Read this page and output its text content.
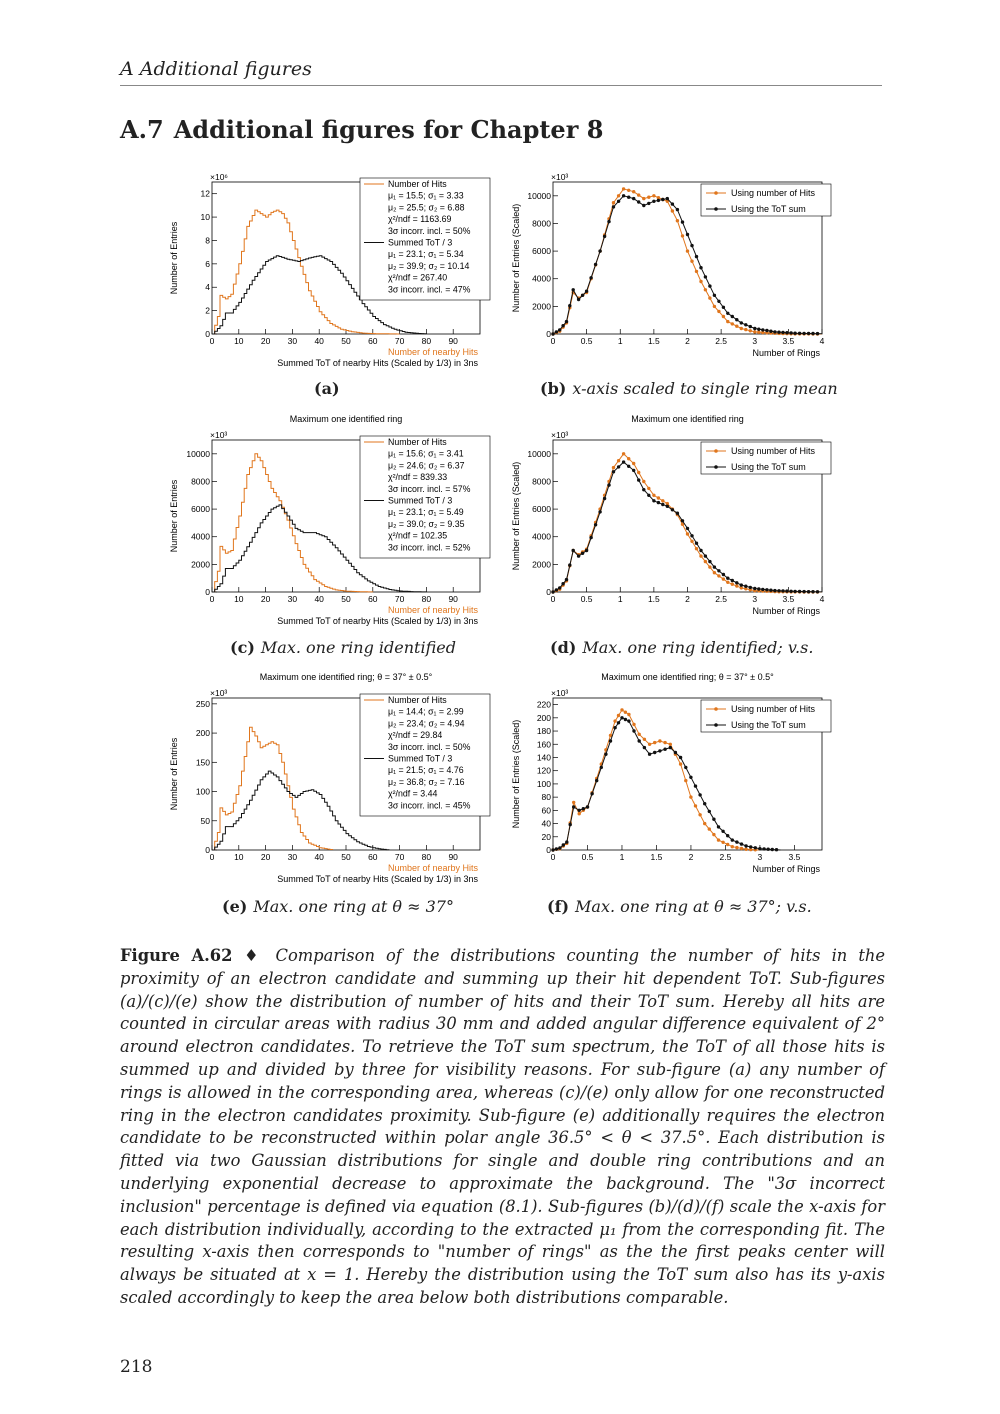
A Additional figures
A.7 Additional figures for Chapter 8
×10⁶
0
2
4
6
8
10
12
0 10 20 30 40 50 60 70 80 90
Number of Entries
Number of nearby Hits
Summed ToT of nearby Hits (Scaled by 1/3) in 3ns
Number of Hits
μ₁ = 15.5; σ₁ = 3.33
μ₂ = 25.5; σ₂ = 6.88
χ²/ndf = 1163.69
3σ incorr. incl. = 50%
Summed ToT / 3
μ₁ = 23.1; σ₁ = 5.34
μ₂ = 39.9; σ₂ = 10.14
χ²/ndf = 267.40
3σ incorr. incl. = 47%
×10³
0
2000
4000
6000
8000
10000
0	0.5	1	1.5	2	2.5	3	3.5	4
Number of Entries (Scaled)
Number of Rings
Using number of Hits
Using the ToT sum
Maximum one identified ring
×10³
0
2000
4000
6000
8000
10000
0 10 20 30 40 50 60 70 80 90
Number of Entries
Number of nearby Hits
Summed ToT of nearby Hits (Scaled by 1/3) in 3ns
Number of Hits
μ₁ = 15.6; σ₁ = 3.41
μ₂ = 24.6; σ₂ = 6.37
χ²/ndf = 839.33
3σ incorr. incl. = 57%
Summed ToT / 3
μ₁ = 23.1; σ₁ = 5.49
μ₂ = 39.0; σ₂ = 9.35
χ²/ndf = 102.35
3σ incorr. incl. = 52%
Maximum one identified ring
×10³
0
2000
4000
6000
8000
10000
0	0.5	1	1.5	2	2.5	3	3.5	4
Number of Entries (Scaled)
Number of Rings
Using number of Hits
Using the ToT sum
Maximum one identified ring; θ = 37° ± 0.5°
×10³
0
50
100
150
200
250
0 10 20 30 40 50 60 70 80 90
Number of Entries
Number of nearby Hits
Summed ToT of nearby Hits (Scaled by 1/3) in 3ns
Number of Hits
μ₁ = 14.4; σ₁ = 2.99
μ₂ = 23.4; σ₂ = 4.94
χ²/ndf = 29.84
3σ incorr. incl. = 50%
Summed ToT / 3
μ₁ = 21.5; σ₁ = 4.76
μ₂ = 36.8; σ₂ = 7.16
χ²/ndf = 3.44
3σ incorr. incl. = 45%
Maximum one identified ring; θ = 37° ± 0.5°
×10³
0
20
40
60
80
100
120
140
160
180
200
220
0	0.5	1	1.5	2	2.5	3	3.5
Number of Entries (Scaled)
Number of Rings
Using number of Hits
Using the ToT sum
(a)	(b) x-axis scaled to single ring mean
(c) Max. one ring identified	(d) Max. one ring identified; v.s.
(e) Max. one ring at θ ≈ 37°	(f) Max. one ring at θ ≈ 37°; v.s.
Figure A.62 ♦ Comparison of the distributions counting the number of hits in the proximity of an electron candidate and summing up their hit dependent ToT. Sub-figures (a)/(c)/(e) show the distribution of number of hits and their ToT sum. Hereby all hits are counted in circular areas with radius 30 mm and added angular difference equivalent of 2° around electron candidates. To retrieve the ToT sum spectrum, the ToT of all those hits is summed up and divided by three for visibility reasons. For sub-figure (a) any number of rings is allowed in the corresponding area, whereas (c)/(e) only allow for one reconstructed ring in the electron candidates proximity. Sub-figure (e) additionally requires the electron candidate to be reconstructed within polar angle 36.5° < θ < 37.5°. Each distribution is fitted via two Gaussian distributions for single and double ring contributions and an underlying exponential decrease to approximate the background. The "3σ incorrect inclusion" percentage is defined via equation (8.1). Sub-figures (b)/(d)/(f) scale the x-axis for each distribution individually, according to the extracted μ₁ from the corresponding fit. The resulting x-axis then corresponds to "number of rings" as the the first peaks center will always be situated at x = 1. Hereby the distribution using the ToT sum also has its y-axis scaled accordingly to keep the area below both distributions comparable.
218
